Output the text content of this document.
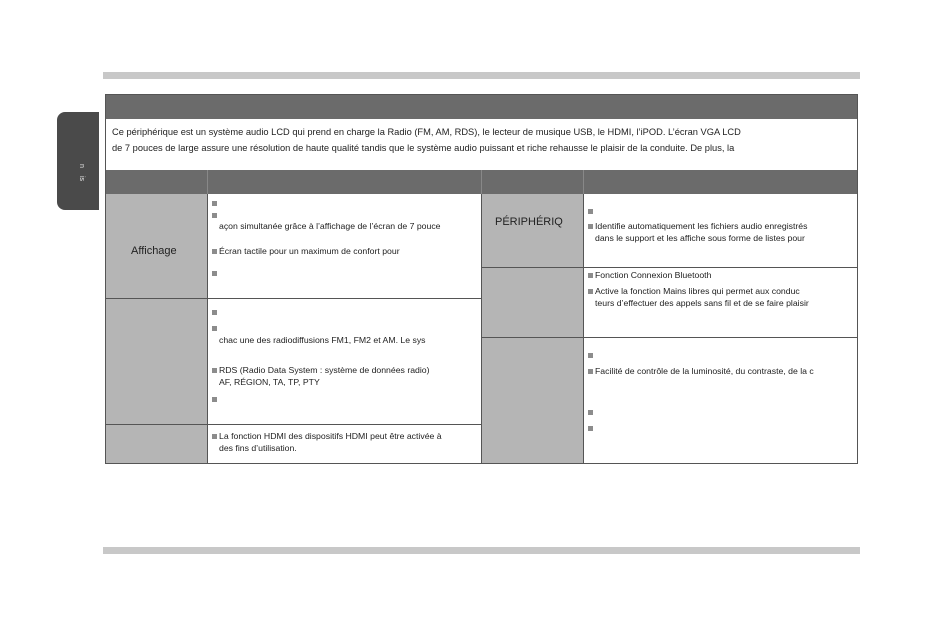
n
is
Ce périphérique est un système audio LCD qui prend en charge la Radio (FM, AM, RDS), le lecteur de musique USB, le HDMI, l’iPOD. L’écran VGA LCD
de 7 pouces de large assure une résolution de haute qualité tandis que le système audio puissant et riche rehausse le plaisir de la conduite. De plus, la
Affichage
PÉRIPHÉRIQ
açon simultanée grâce à l’affichage de l’écran de 7 pouce
Écran tactile pour un maximum de confort pour
chac une des radiodiffusions FM1, FM2 et AM. Le sys
RDS (Radio Data System : système de données radio)
AF, RÉGION, TA, TP, PTY
La fonction HDMI des dispositifs HDMI peut être activée à
des fins d’utilisation.
Identifie automatiquement les fichiers audio enregistrés
dans le support et les affiche sous forme de listes pour
Fonction Connexion Bluetooth
Active la fonction Mains libres qui permet aux conduc
teurs d’effectuer des appels sans fil et de se faire plaisir
Facilité de contrôle de la luminosité, du contraste, de la c
